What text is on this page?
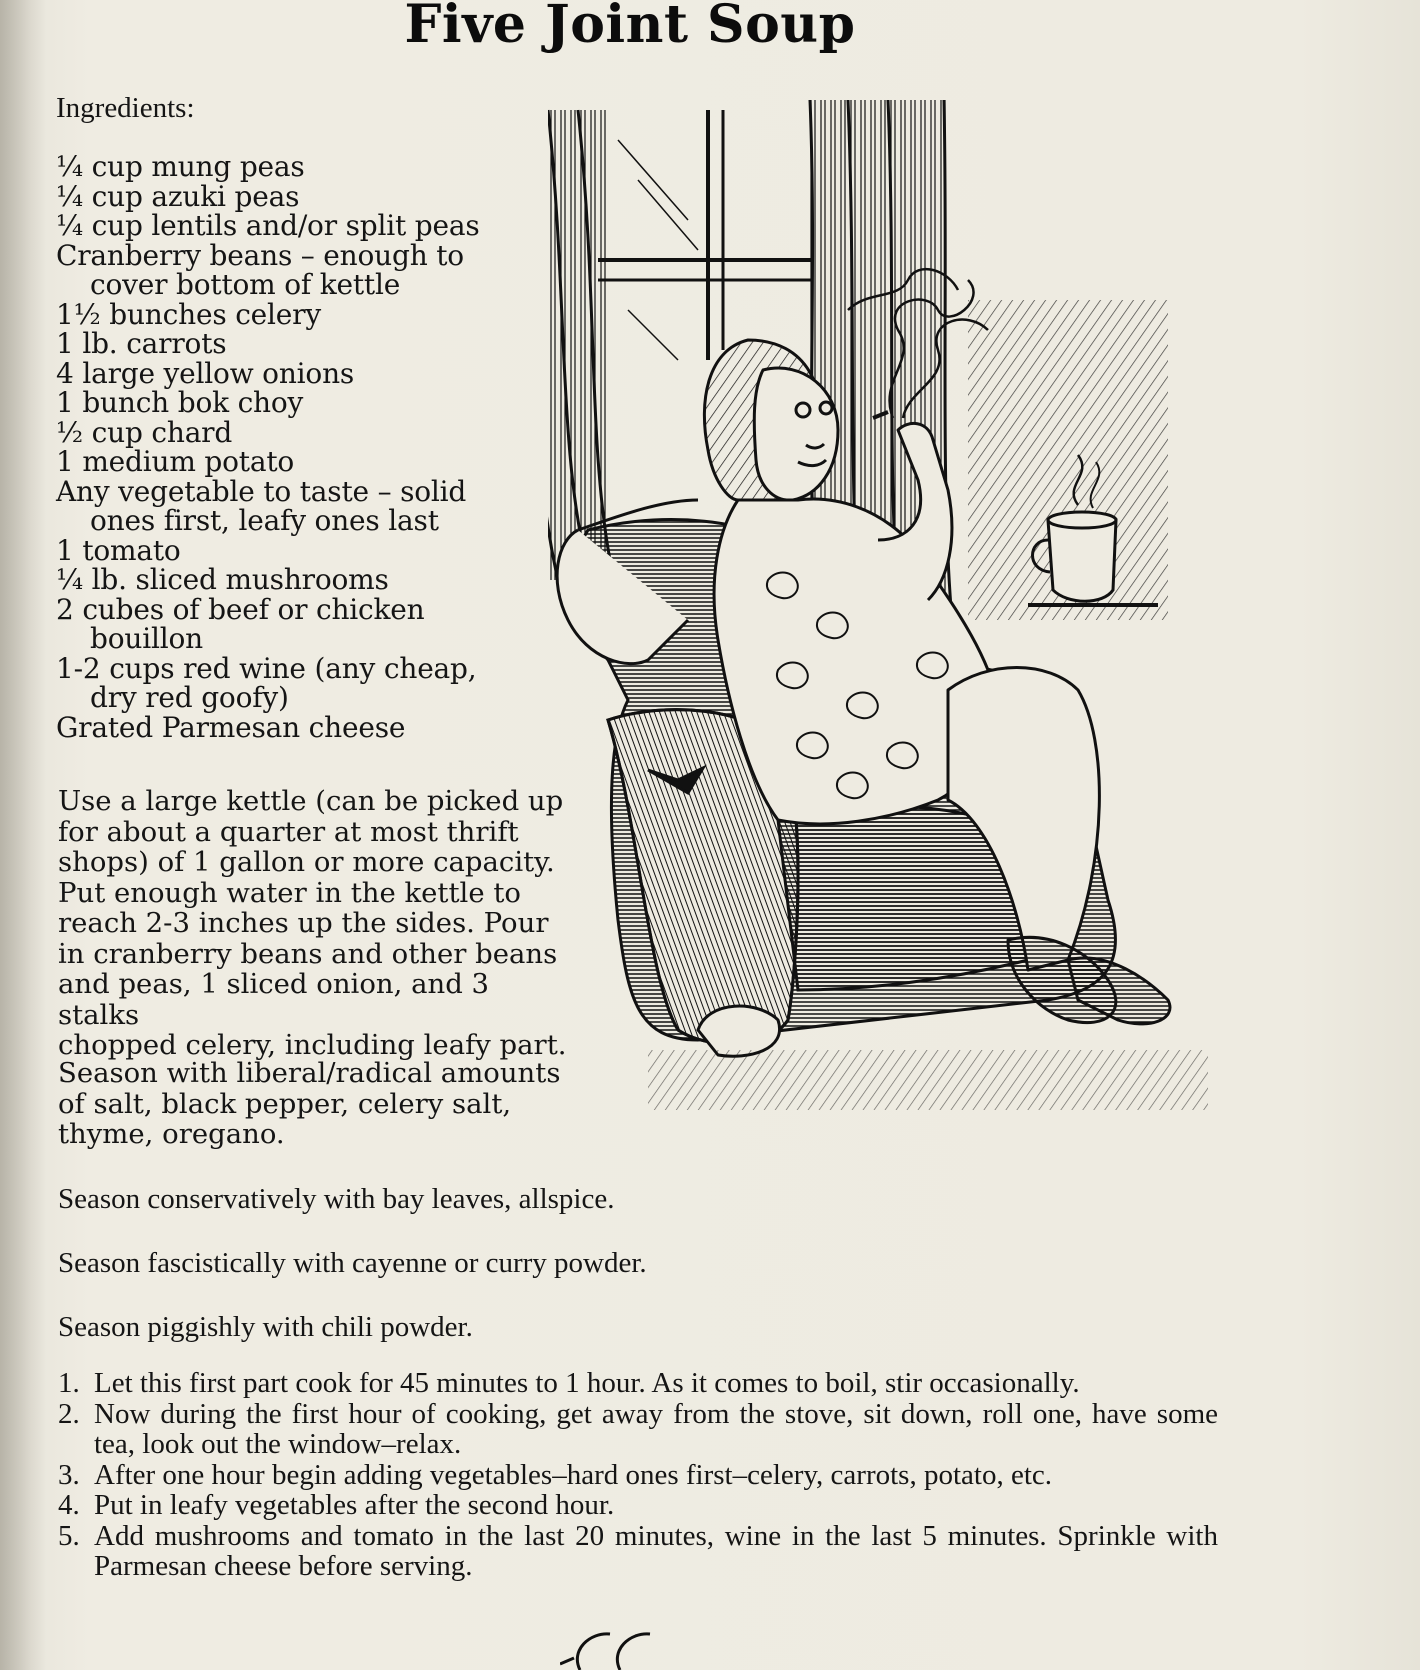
Five Joint Soup
Ingredients:
¼ cup mung peas
¼ cup azuki peas
¼ cup lentils and/or split peas
Cranberry beans – enough to
cover bottom of kettle
1½ bunches celery
1 lb. carrots
4 large yellow onions
1 bunch bok choy
½ cup chard
1 medium potato
Any vegetable to taste – solid
ones first, leafy ones last
1 tomato
¼ lb. sliced mushrooms
2 cubes of beef or chicken
bouillon
1-2 cups red wine (any cheap,
dry red goofy)
Grated Parmesan cheese

Use a large kettle (can be picked up
for about a quarter at most thrift
shops) of 1 gallon or more capacity.
Put enough water in the kettle to
reach 2-3 inches up the sides. Pour
in cranberry beans and other beans
and peas, 1 sliced onion, and 3 stalks
chopped celery, including leafy part.

Season with liberal/radical amounts
of salt, black pepper, celery salt,
thyme, oregano.

Season conservatively with bay leaves, allspice.

Season fascistically with cayenne or curry powder.

Season piggishly with chili powder.

1. Let this first part cook for 45 minutes to 1 hour. As it comes to boil, stir occasionally.
2. Now during the first hour of cooking, get away from the stove, sit down, roll one, have some tea, look out the window–relax.
3. After one hour begin adding vegetables–hard ones first–celery, carrots, potato, etc.
4. Put in leafy vegetables after the second hour.
5. Add mushrooms and tomato in the last 20 minutes, wine in the last 5 minutes. Sprinkle with Parmesan cheese before serving.
